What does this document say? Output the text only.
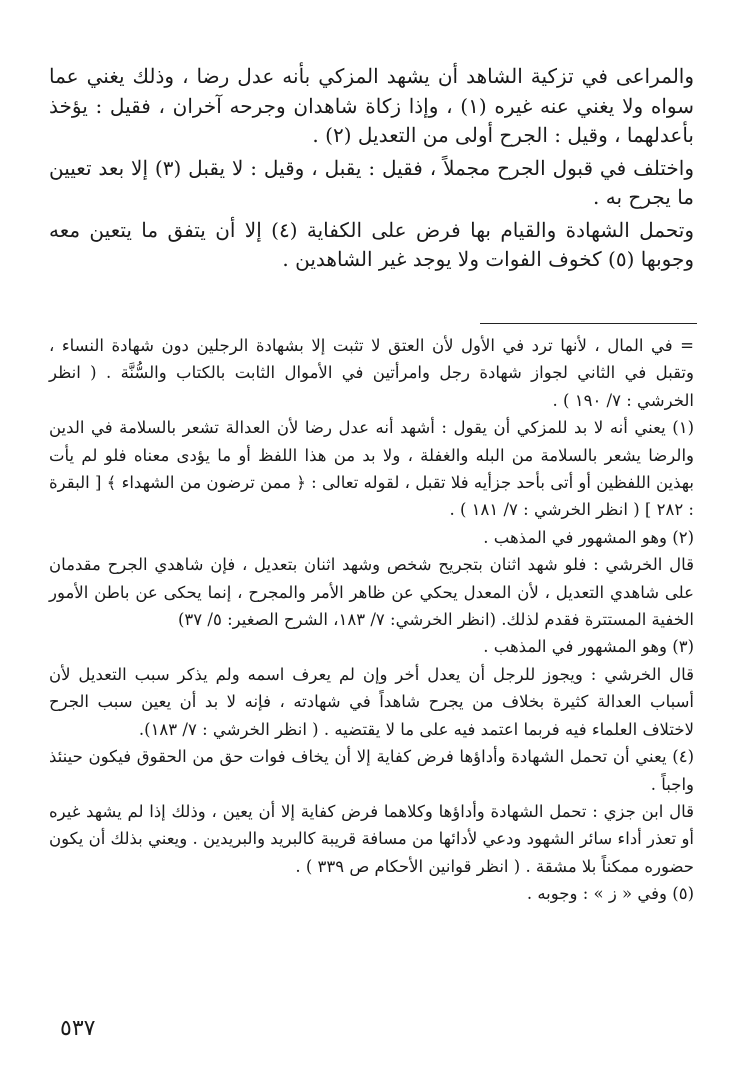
والمراعى في تزكية الشاهد أن يشهد المزكي بأنه عدل رضا ، وذلك يغني عما سواه ولا يغني عنه غيره (١) ، وإذا زكاة شاهدان وجرحه آخران ، فقيل : يؤخذ بأعدلهما ، وقيل : الجرح أولى من التعديل (٢) .

واختلف في قبول الجرح مجملاً ، فقيل : يقبل ، وقيل : لا يقبل (٣) إلا بعد تعيين ما يجرح به .

وتحمل الشهادة والقيام بها فرض على الكفاية (٤) إلا أن يتفق ما يتعين معه وجوبها (٥) كخوف الفوات ولا يوجد غير الشاهدين .

= في المال ، لأنها ترد في الأول لأن العتق لا تثبت إلا بشهادة الرجلين دون شهادة النساء ، وتقبل في الثاني لجواز شهادة رجل وامرأتين في الأموال الثابت بالكتاب والسُّنَّة . ( انظر الخرشي : ٧/ ١٩٠ ) .

(١) يعني أنه لا بد للمزكي أن يقول : أشهد أنه عدل رضا لأن العدالة تشعر بالسلامة في الدين والرضا يشعر بالسلامة من البله والغفلة ، ولا بد من هذا اللفظ أو ما يؤدى معناه فلو لم يأت بهذين اللفظين أو أتى بأحد جزأيه فلا تقبل ، لقوله تعالى : ﴿ ممن ترضون من الشهداء ﴾ [ البقرة : ٢٨٢ ] ( انظر الخرشي : ٧/ ١٨١ ) .

(٢) وهو المشهور في المذهب .

قال الخرشي : فلو شهد اثنان بتجريح شخص وشهد اثنان بتعديل ، فإن شاهدي الجرح مقدمان على شاهدي التعديل ، لأن المعدل يحكي عن ظاهر الأمر والمجرح ، إنما يحكى عن باطن الأمور الخفية المستترة فقدم لذلك. (انظر الخرشي: ٧/ ١٨٣، الشرح الصغير: ٥/ ٣٧)

(٣) وهو المشهور في المذهب .

قال الخرشي : ويجوز للرجل أن يعدل أخر وإن لم يعرف اسمه ولم يذكر سبب التعديل لأن أسباب العدالة كثيرة بخلاف من يجرح شاهداً في شهادته ، فإنه لا بد أن يعين سبب الجرح لاختلاف العلماء فيه فربما اعتمد فيه على ما لا يقتضيه . ( انظر الخرشي : ٧/ ١٨٣).

(٤) يعني أن تحمل الشهادة وأداؤها فرض كفاية إلا أن يخاف فوات حق من الحقوق فيكون حينئذ واجباً .

قال ابن جزي : تحمل الشهادة وأداؤها وكلاهما فرض كفاية إلا أن يعين ، وذلك إذا لم يشهد غيره أو تعذر أداء سائر الشهود ودعي لأدائها من مسافة قريبة كالبريد والبريدين . ويعني بذلك أن يكون حضوره ممكناً بلا مشقة . ( انظر قوانين الأحكام ص ٣٣٩ ) .

(٥) وفي « ز » : وجوبه .

٥٣٧
